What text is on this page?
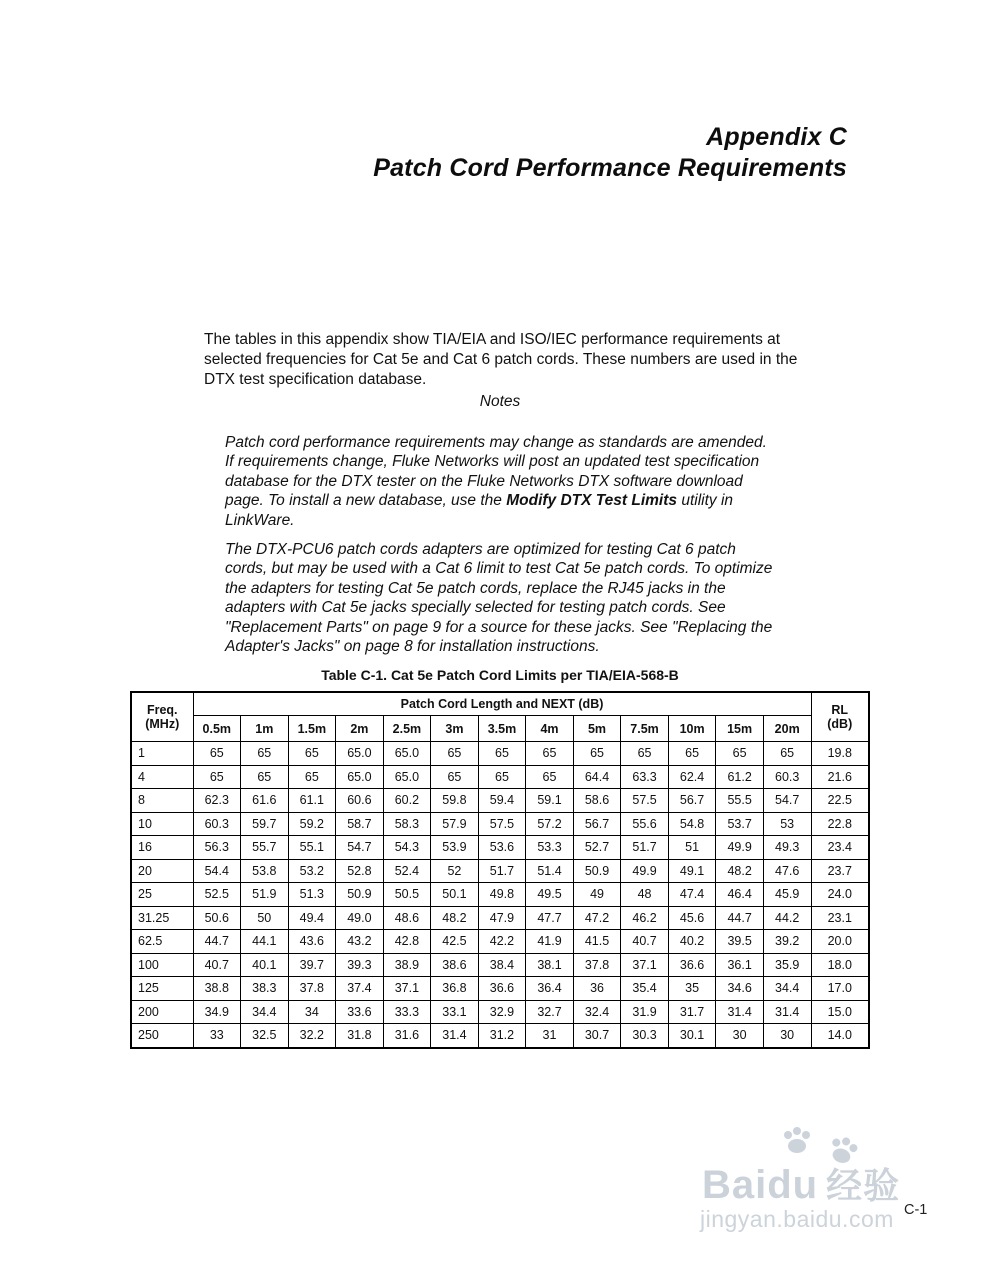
Appendix C
Patch Cord Performance Requirements

The tables in this appendix show TIA/EIA and ISO/IEC performance requirements at selected frequencies for Cat 5e and Cat 6 patch cords. These numbers are used in the DTX test specification database.

Notes

Patch cord performance requirements may change as standards are amended. If requirements change, Fluke Networks will post an updated test specification database for the DTX tester on the Fluke Networks DTX software download page. To install a new database, use the Modify DTX Test Limits utility in LinkWare.

The DTX-PCU6 patch cords adapters are optimized for testing Cat 6 patch cords, but may be used with a Cat 6 limit to test Cat 5e patch cords. To optimize the adapters for testing Cat 5e patch cords, replace the RJ45 jacks in the adapters with Cat 5e jacks specially selected for testing patch cords. See "Replacement Parts" on page 9 for a source for these jacks. See "Replacing the Adapter's Jacks" on page 8 for installation instructions.

Table C-1. Cat 5e Patch Cord Limits per TIA/EIA-568-B
Freq.
(MHz)
	Patch Cord Length and NEXT (dB)	RL
(dB)

	0.5m	1m	1.5m	2m	2.5m	3m	3.5m	4m	5m	7.5m	10m	15m	20m	
1	65	65	65	65.0	65.0	65	65	65	65	65	65	65	65	19.8
4	65	65	65	65.0	65.0	65	65	65	64.4	63.3	62.4	61.2	60.3	21.6
8	62.3	61.6	61.1	60.6	60.2	59.8	59.4	59.1	58.6	57.5	56.7	55.5	54.7	22.5
10	60.3	59.7	59.2	58.7	58.3	57.9	57.5	57.2	56.7	55.6	54.8	53.7	53	22.8
16	56.3	55.7	55.1	54.7	54.3	53.9	53.6	53.3	52.7	51.7	51	49.9	49.3	23.4
20	54.4	53.8	53.2	52.8	52.4	52	51.7	51.4	50.9	49.9	49.1	48.2	47.6	23.7
25	52.5	51.9	51.3	50.9	50.5	50.1	49.8	49.5	49	48	47.4	46.4	45.9	24.0
31.25	50.6	50	49.4	49.0	48.6	48.2	47.9	47.7	47.2	46.2	45.6	44.7	44.2	23.1
62.5	44.7	44.1	43.6	43.2	42.8	42.5	42.2	41.9	41.5	40.7	40.2	39.5	39.2	20.0
100	40.7	40.1	39.7	39.3	38.9	38.6	38.4	38.1	37.8	37.1	36.6	36.1	35.9	18.0
125	38.8	38.3	37.8	37.4	37.1	36.8	36.6	36.4	36	35.4	35	34.6	34.4	17.0
200	34.9	34.4	34	33.6	33.3	33.1	32.9	32.7	32.4	31.9	31.7	31.4	31.4	15.0
250	33	32.5	32.2	31.8	31.6	31.4	31.2	31	30.7	30.3	30.1	30	30	14.0
C-1

Baidu 经验
jingyan.baidu.com
